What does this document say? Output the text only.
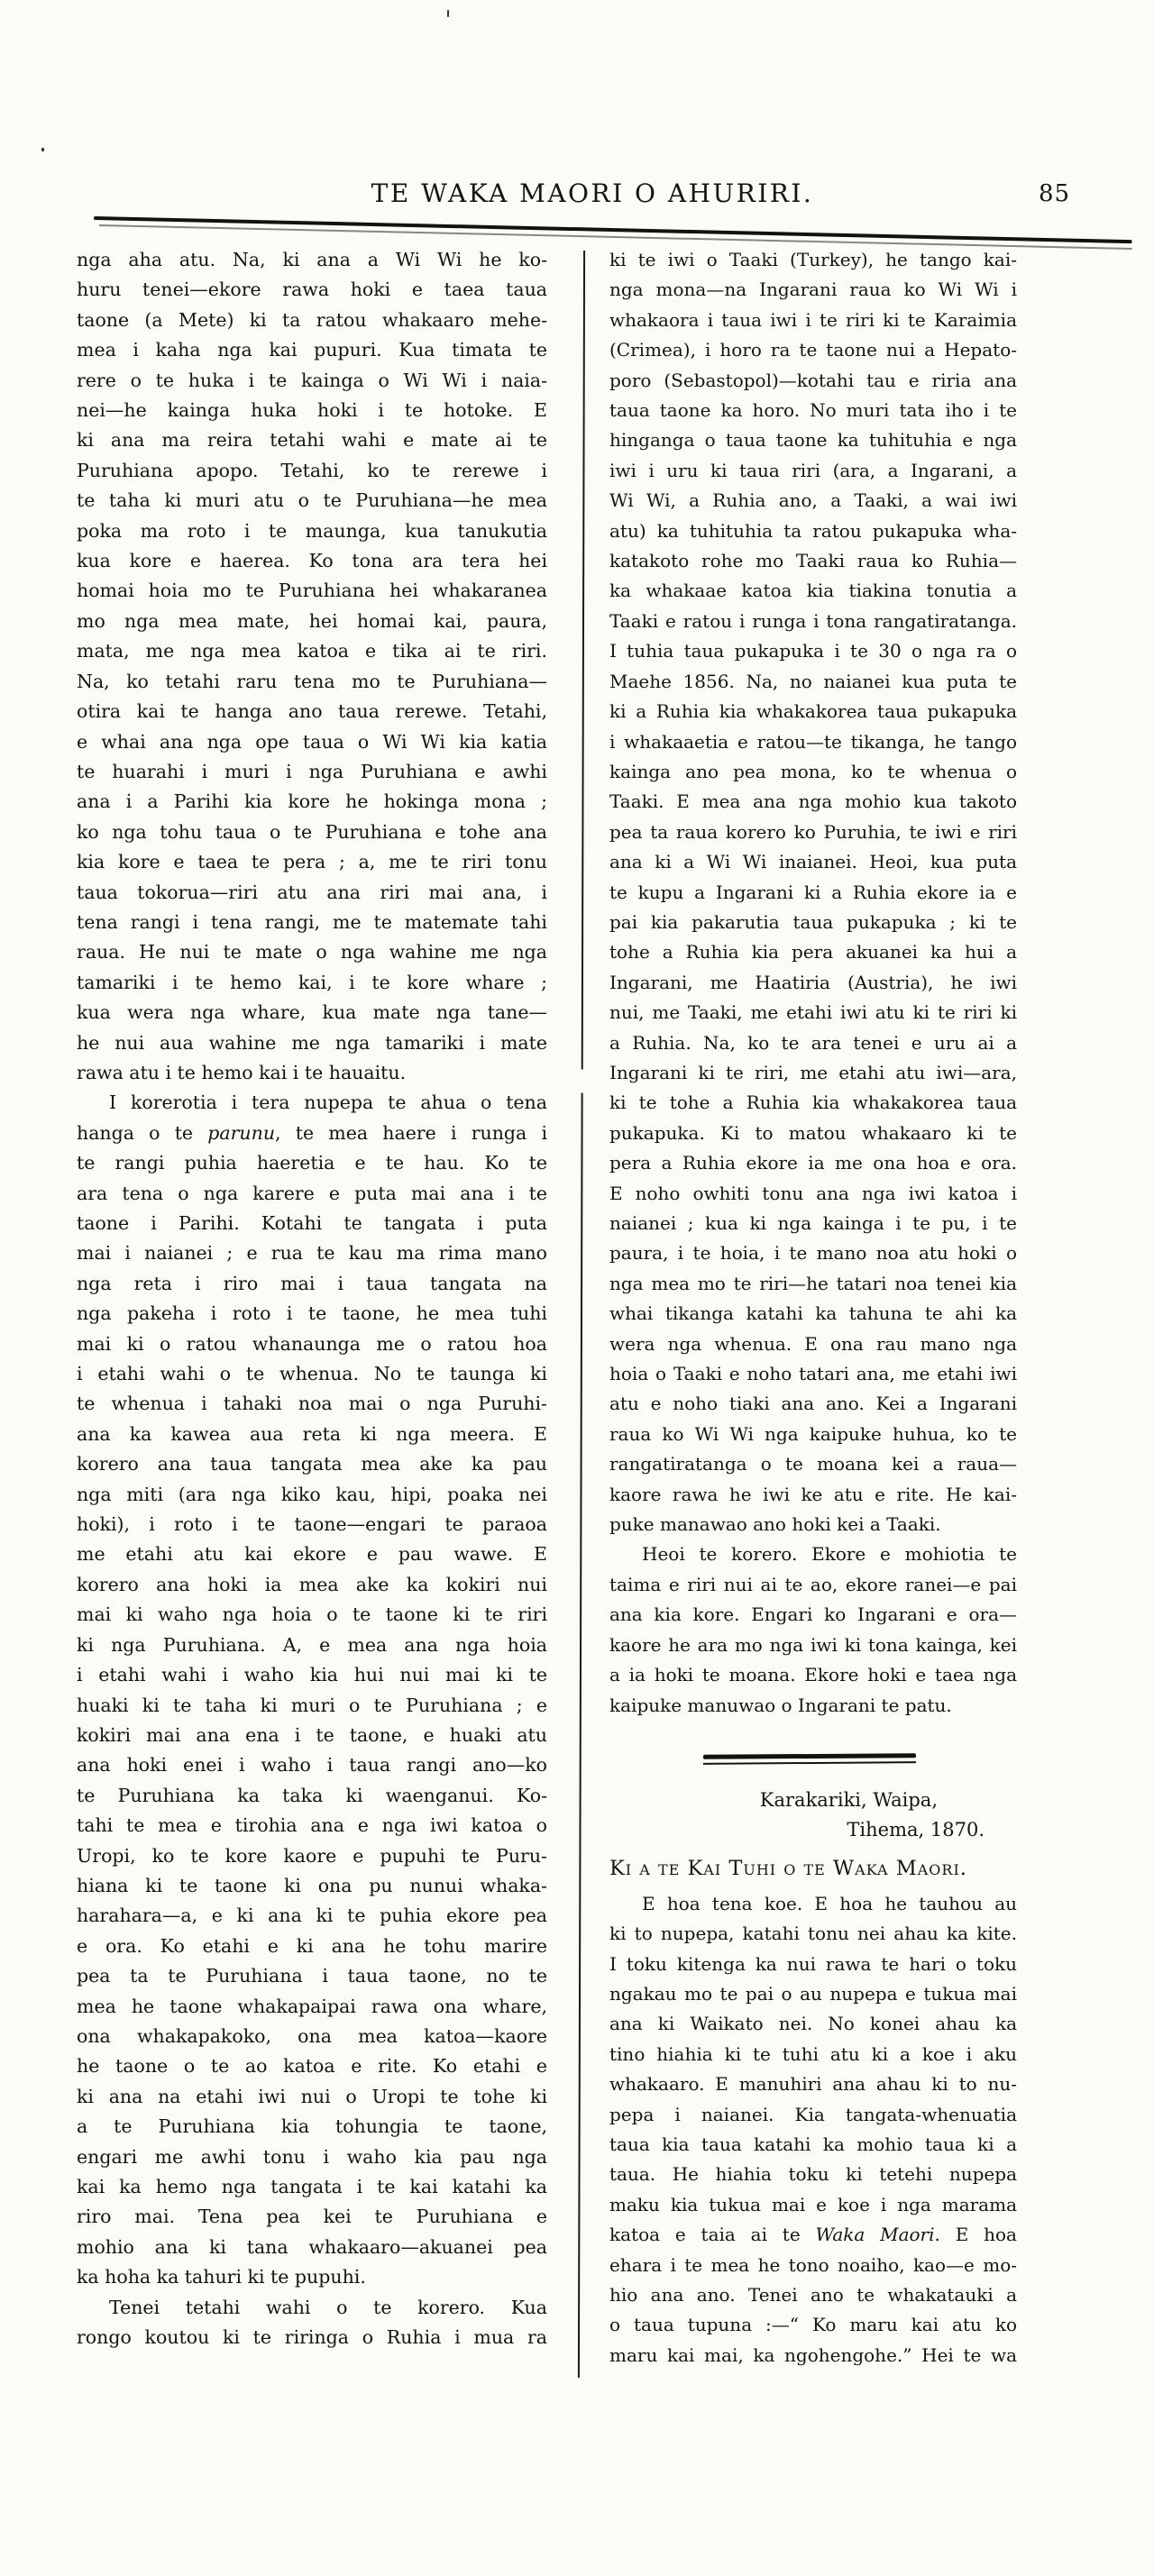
TE WAKA MAORI O AHURIRI.	85
nga aha atu. Na, ki ana a Wi Wi he ko-
huru tenei—ekore rawa hoki e taea taua
taone (a Mete) ki ta ratou whakaaro mehe-
mea i kaha nga kai pupuri. Kua timata te
rere o te huka i te kainga o Wi Wi i naia-
nei—he kainga huka hoki i te hotoke. E
ki ana ma reira tetahi wahi e mate ai te
Puruhiana apopo. Tetahi, ko te rerewe i
te taha ki muri atu o te Puruhiana—he mea
poka ma roto i te maunga, kua tanukutia
kua kore e haerea. Ko tona ara tera hei
homai hoia mo te Puruhiana hei whakaranea
mo nga mea mate, hei homai kai, paura,
mata, me nga mea katoa e tika ai te riri.
Na, ko tetahi raru tena mo te Puruhiana—
otira kai te hanga ano taua rerewe. Tetahi,
e whai ana nga ope taua o Wi Wi kia katia
te huarahi i muri i nga Puruhiana e awhi
ana i a Parihi kia kore he hokinga mona ;
ko nga tohu taua o te Puruhiana e tohe ana
kia kore e taea te pera ; a, me te riri tonu
taua tokorua—riri atu ana riri mai ana, i
tena rangi i tena rangi, me te matemate tahi
raua. He nui te mate o nga wahine me nga
tamariki i te hemo kai, i te kore whare ;
kua wera nga whare, kua mate nga tane—
he nui aua wahine me nga tamariki i mate
rawa atu i te hemo kai i te hauaitu.
I korerotia i tera nupepa te ahua o tena
hanga o te parunu, te mea haere i runga i
te rangi puhia haeretia e te hau. Ko te
ara tena o nga karere e puta mai ana i te
taone i Parihi. Kotahi te tangata i puta
mai i naianei ; e rua te kau ma rima mano
nga reta i riro mai i taua tangata na
nga pakeha i roto i te taone, he mea tuhi
mai ki o ratou whanaunga me o ratou hoa
i etahi wahi o te whenua. No te taunga ki
te whenua i tahaki noa mai o nga Puruhi-
ana ka kawea aua reta ki nga meera. E
korero ana taua tangata mea ake ka pau
nga miti (ara nga kiko kau, hipi, poaka nei
hoki), i roto i te taone—engari te paraoa
me etahi atu kai ekore e pau wawe. E
korero ana hoki ia mea ake ka kokiri nui
mai ki waho nga hoia o te taone ki te riri
ki nga Puruhiana. A, e mea ana nga hoia
i etahi wahi i waho kia hui nui mai ki te
huaki ki te taha ki muri o te Puruhiana ; e
kokiri mai ana ena i te taone, e huaki atu
ana hoki enei i waho i taua rangi ano—ko
te Puruhiana ka taka ki waenganui. Ko-
tahi te mea e tirohia ana e nga iwi katoa o
Uropi, ko te kore kaore e pupuhi te Puru-
hiana ki te taone ki ona pu nunui whaka-
harahara—a, e ki ana ki te puhia ekore pea
e ora. Ko etahi e ki ana he tohu marire
pea ta te Puruhiana i taua taone, no te
mea he taone whakapaipai rawa ona whare,
ona whakapakoko, ona mea katoa—kaore
he taone o te ao katoa e rite. Ko etahi e
ki ana na etahi iwi nui o Uropi te tohe ki
a te Puruhiana kia tohungia te taone,
engari me awhi tonu i waho kia pau nga
kai ka hemo nga tangata i te kai katahi ka
riro mai. Tena pea kei te Puruhiana e
mohio ana ki tana whakaaro—akuanei pea
ka hoha ka tahuri ki te pupuhi.
Tenei tetahi wahi o te korero. Kua
rongo koutou ki te riringa o Ruhia i mua ra
ki te iwi o Taaki (Turkey), he tango kai-
nga mona—na Ingarani raua ko Wi Wi i
whakaora i taua iwi i te riri ki te Karaimia
(Crimea), i horo ra te taone nui a Hepato-
poro (Sebastopol)—kotahi tau e riria ana
taua taone ka horo. No muri tata iho i te
hinganga o taua taone ka tuhituhia e nga
iwi i uru ki taua riri (ara, a Ingarani, a
Wi Wi, a Ruhia ano, a Taaki, a wai iwi
atu) ka tuhituhia ta ratou pukapuka wha-
katakoto rohe mo Taaki raua ko Ruhia—
ka whakaae katoa kia tiakina tonutia a
Taaki e ratou i runga i tona rangatiratanga.
I tuhia taua pukapuka i te 30 o nga ra o
Maehe 1856. Na, no naianei kua puta te
ki a Ruhia kia whakakorea taua pukapuka
i whakaaetia e ratou—te tikanga, he tango
kainga ano pea mona, ko te whenua o
Taaki. E mea ana nga mohio kua takoto
pea ta raua korero ko Puruhia, te iwi e riri
ana ki a Wi Wi inaianei. Heoi, kua puta
te kupu a Ingarani ki a Ruhia ekore ia e
pai kia pakarutia taua pukapuka ; ki te
tohe a Ruhia kia pera akuanei ka hui a
Ingarani, me Haatiria (Austria), he iwi
nui, me Taaki, me etahi iwi atu ki te riri ki
a Ruhia. Na, ko te ara tenei e uru ai a
Ingarani ki te riri, me etahi atu iwi—ara,
ki te tohe a Ruhia kia whakakorea taua
pukapuka. Ki to matou whakaaro ki te
pera a Ruhia ekore ia me ona hoa e ora.
E noho owhiti tonu ana nga iwi katoa i
naianei ; kua ki nga kainga i te pu, i te
paura, i te hoia, i te mano noa atu hoki o
nga mea mo te riri—he tatari noa tenei kia
whai tikanga katahi ka tahuna te ahi ka
wera nga whenua. E ona rau mano nga
hoia o Taaki e noho tatari ana, me etahi iwi
atu e noho tiaki ana ano. Kei a Ingarani
raua ko Wi Wi nga kaipuke huhua, ko te
rangatiratanga o te moana kei a raua—
kaore rawa he iwi ke atu e rite. He kai-
puke manawao ano hoki kei a Taaki.
Heoi te korero. Ekore e mohiotia te
taima e riri nui ai te ao, ekore ranei—e pai
ana kia kore. Engari ko Ingarani e ora—
kaore he ara mo nga iwi ki tona kainga, kei
a ia hoki te moana. Ekore hoki e taea nga
kaipuke manuwao o Ingarani te patu.
Karakariki, Waipa,
Tihema, 1870.
Ki a te Kai Tuhi o te Waka Maori.
E hoa tena koe. E hoa he tauhou au
ki to nupepa, katahi tonu nei ahau ka kite.
I toku kitenga ka nui rawa te hari o toku
ngakau mo te pai o au nupepa e tukua mai
ana ki Waikato nei. No konei ahau ka
tino hiahia ki te tuhi atu ki a koe i aku
whakaaro. E manuhiri ana ahau ki to nu-
pepa i naianei. Kia tangata-whenuatia
taua kia taua katahi ka mohio taua ki a
taua. He hiahia toku ki tetehi nupepa
maku kia tukua mai e koe i nga marama
katoa e taia ai te Waka Maori. E hoa
ehara i te mea he tono noaiho, kao—e mo-
hio ana ano. Tenei ano te whakatauki a
o taua tupuna :—“ Ko maru kai atu ko
maru kai mai, ka ngohengohe.” Hei te wa
